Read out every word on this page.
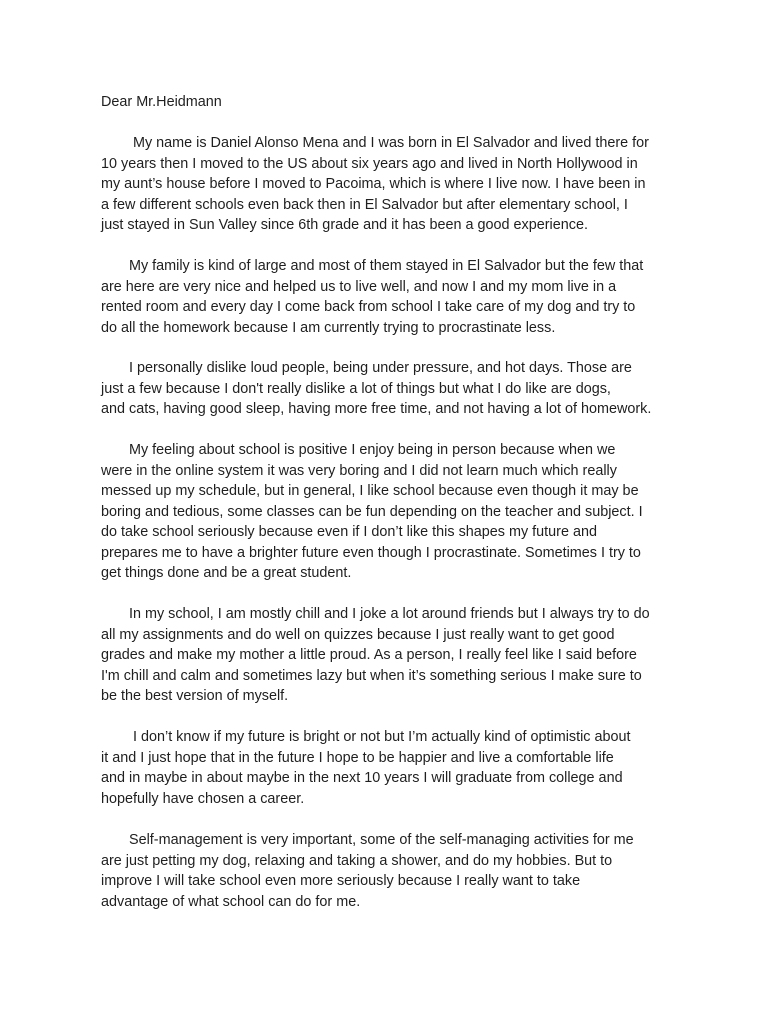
Dear Mr.Heidmann

My name is Daniel Alonso Mena and I was born in El Salvador and lived there for
10 years then I moved to the US about six years ago and lived in North Hollywood in
my aunt’s house before I moved to Pacoima, which is where I live now. I have been in
a few different schools even back then in El Salvador but after elementary school, I
just stayed in Sun Valley since 6th grade and it has been a good experience.
My family is kind of large and most of them stayed in El Salvador but the few that
are here are very nice and helped us to live well, and now I and my mom live in a
rented room and every day I come back from school I take care of my dog and try to
do all the homework because I am currently trying to procrastinate less.
I personally dislike loud people, being under pressure, and hot days. Those are
just a few because I don't really dislike a lot of things but what I do like are dogs,
and cats, having good sleep, having more free time, and not having a lot of homework.
My feeling about school is positive I enjoy being in person because when we
were in the online system it was very boring and I did not learn much which really
messed up my schedule, but in general, I like school because even though it may be
boring and tedious, some classes can be fun depending on the teacher and subject. I
do take school seriously because even if I don’t like this shapes my future and
prepares me to have a brighter future even though I procrastinate. Sometimes I try to
get things done and be a great student.
In my school, I am mostly chill and I joke a lot around friends but I always try to do
all my assignments and do well on quizzes because I just really want to get good
grades and make my mother a little proud. As a person, I really feel like I said before
I'm chill and calm and sometimes lazy but when it’s something serious I make sure to
be the best version of myself.
I don’t know if my future is bright or not but I’m actually kind of optimistic about
it and I just hope that in the future I hope to be happier and live a comfortable life
and in maybe in about maybe in the next 10 years I will graduate from college and
hopefully have chosen a career.
Self-management is very important, some of the self-managing activities for me
are just petting my dog, relaxing and taking a shower, and do my hobbies. But to
improve I will take school even more seriously because I really want to take
advantage of what school can do for me.
